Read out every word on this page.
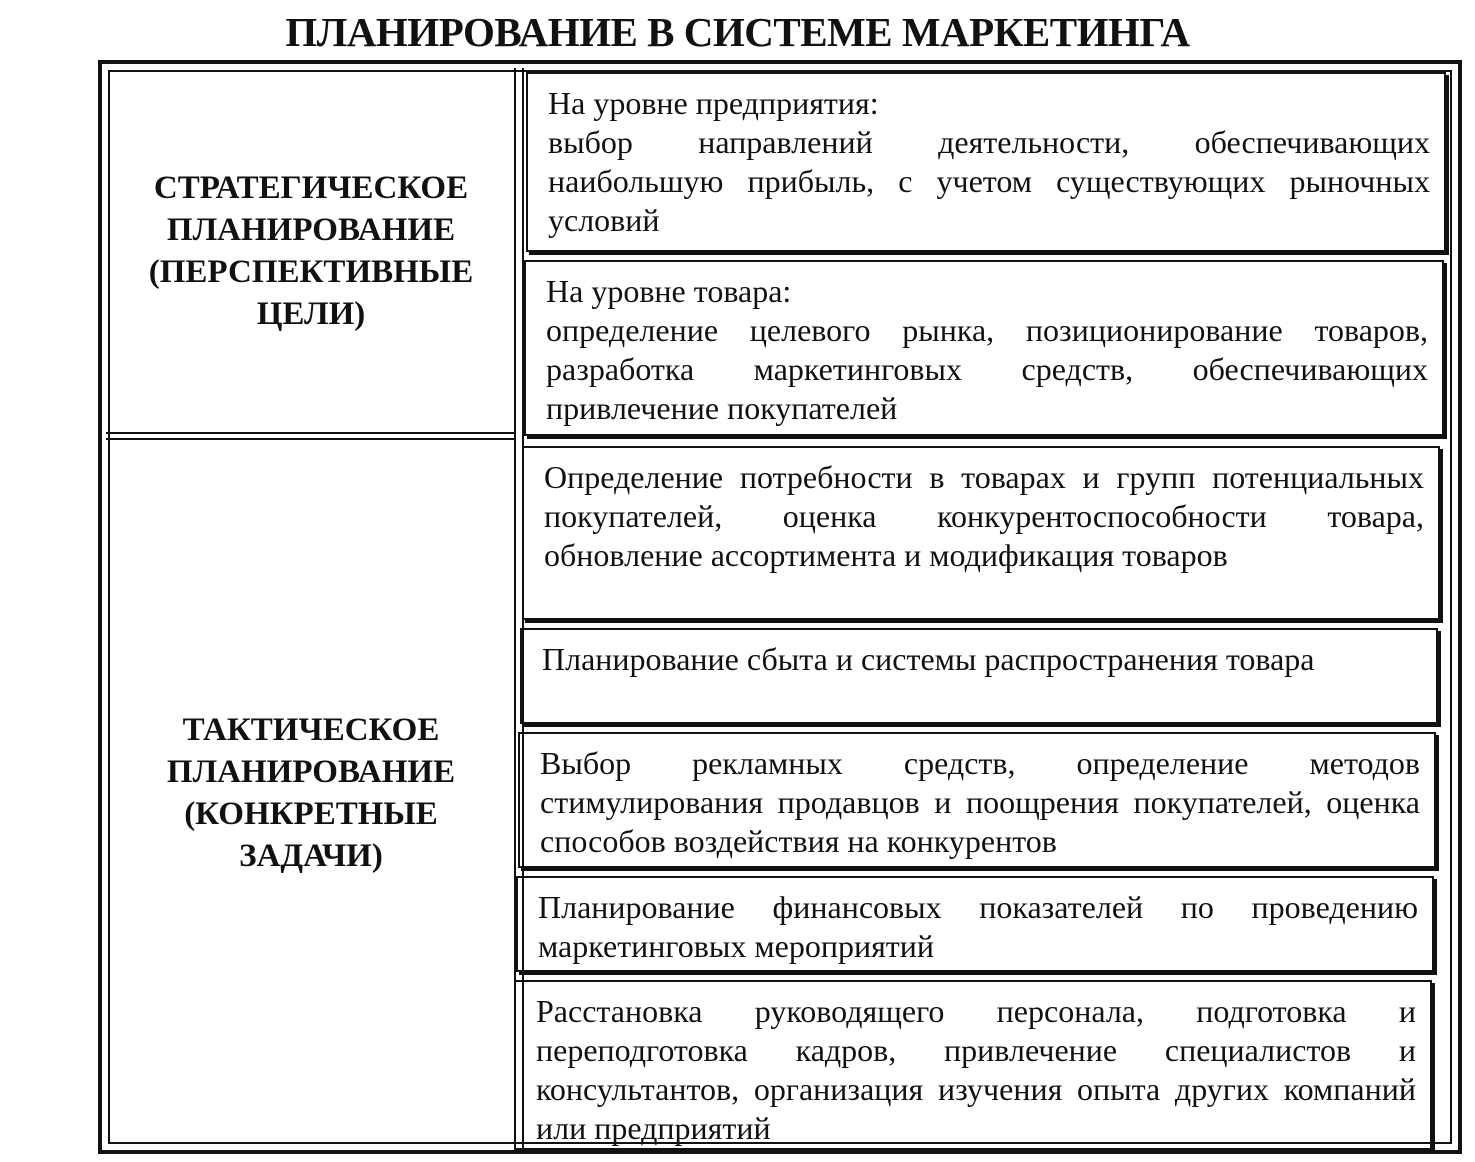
ПЛАНИРОВАНИЕ В СИСТЕМЕ МАРКЕТИНГА
СТРАТЕГИЧЕСКОЕ
ПЛАНИРОВАНИЕ
(ПЕРСПЕКТИВНЫЕ
ЦЕЛИ)
ТАКТИЧЕСКОЕ
ПЛАНИРОВАНИЕ
(КОНКРЕТНЫЕ
ЗАДАЧИ)
На уровне предприятия:
выбор направлений деятельности, обеспечивающих наибольшую прибыль, с учетом существующих рыночных условий
На уровне товара:
определение целевого рынка, позиционирование товаров, разработка маркетинговых средств, обеспечивающих привлечение покупателей
Определение потребности в товарах и групп потенциальных покупателей, оценка конкурентоспособности товара, обновление ассортимента и модификация товаров
Планирование сбыта и системы распространения товара
Выбор рекламных средств, определение методов стимулирования продавцов и поощрения покупателей, оценка способов воздействия на конкурентов
Планирование финансовых показателей по проведению маркетинговых мероприятий
Расстановка руководящего персонала, подготовка и переподготовка кадров, привлечение специалистов и консультантов, организация изучения опыта других компаний или предприятий
